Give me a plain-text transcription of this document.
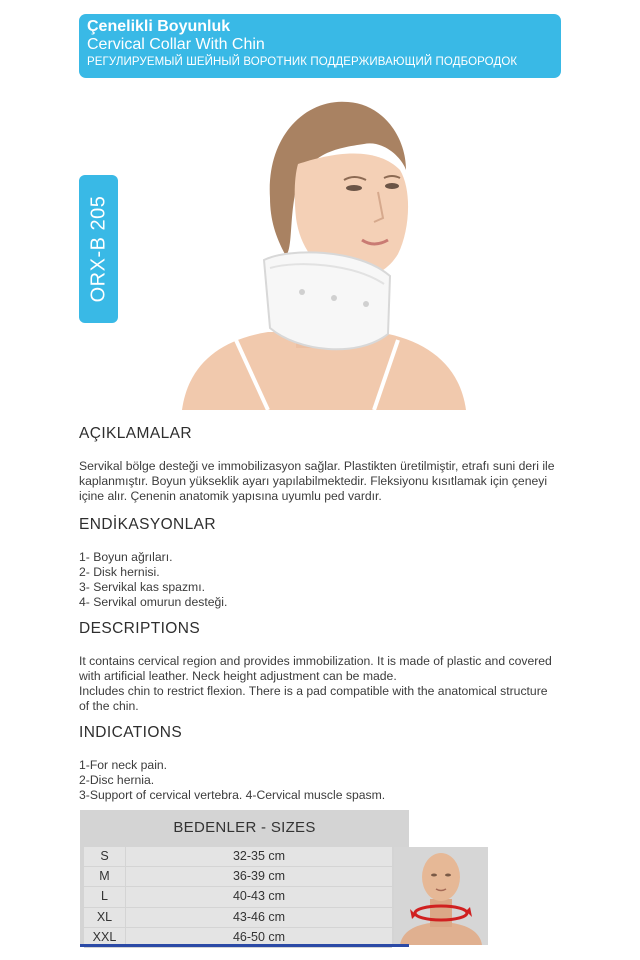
Çenelikli Boyunluk
Cervical Collar With Chin
РЕГУЛИРУЕМЫЙ ШЕЙНЫЙ ВОРОТНИК ПОДДЕРЖИВАЮЩИЙ ПОДБОРОДОК
ORX-B 205
AÇIKLAMALAR
Servikal bölge desteği ve immobilizasyon sağlar. Plastikten üretilmiştir, etrafı suni deri ile kaplanmıştır. Boyun yükseklik ayarı yapılabilmektedir. Fleksiyonu kısıtlamak için çeneyi içine alır. Çenenin anatomik yapısına uyumlu ped vardır.
ENDİKASYONLAR
1- Boyun ağrıları.
2- Disk hernisi.
3- Servikal kas spazmı.
4- Servikal omurun desteği.
DESCRIPTIONS
It contains cervical region and provides immobilization. It is made of plastic and covered with artificial leather. Neck height adjustment can be made.
Includes chin to restrict flexion. There is a pad compatible with the anatomical structure of the chin.
INDICATIONS
1-For neck pain.
2-Disc hernia.
3-Support of cervical vertebra. 4-Cervical muscle spasm.
BEDENLER - SIZES
S	32-35 cm
M	36-39 cm
L	40-43 cm
XL	43-46 cm
XXL	46-50 cm
